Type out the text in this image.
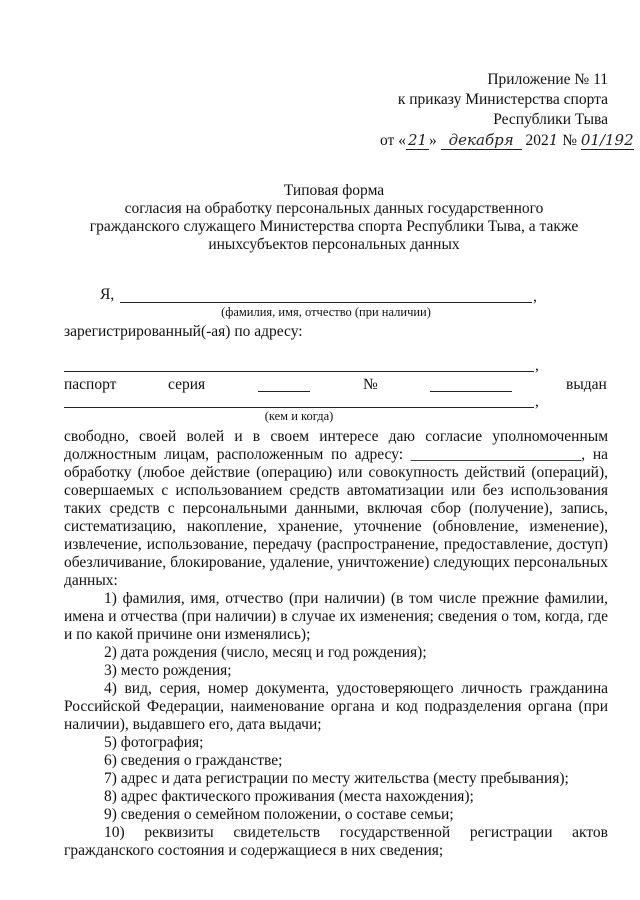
Приложение № 11
к приказу Министерства спорта
Республики Тыва
от « 21 » декабря 2021 № 01/192
Типовая форма
согласия на обработку персональных данных государственного
гражданского служащего Министерства спорта Республики Тыва, а также
иныхсубъектов персональных данных
Я,	,
(фамилия, имя, отчество (при наличии)
зарегистрированный(-ая) по адресу:
,
паспорт	серия	№	выдан
,
(кем и когда)

свободно, своей волей и в своем интересе даю согласие уполномоченным должностным лицам, расположенным по адресу: ______________________, на обработку (любое действие (операцию) или совокупность действий (операций), совершаемых с использованием средств автоматизации или без использования таких средств с персональными данными, включая сбор (получение), запись, систематизацию, накопление, хранение, уточнение (обновление, изменение), извлечение, использование, передачу (распространение, предоставление, доступ) обезличивание, блокирование, удаление, уничтожение) следующих персональных данных:

1) фамилия, имя, отчество (при наличии) (в том числе прежние фамилии, имена и отчества (при наличии) в случае их изменения; сведения о том, когда, где и по какой причине они изменялись);

2) дата рождения (число, месяц и год рождения);

3) место рождения;

4) вид, серия, номер документа, удостоверяющего личность гражданина Российской Федерации, наименование органа и код подразделения органа (при наличии), выдавшего его, дата выдачи;

5) фотография;

6) сведения о гражданстве;

7) адрес и дата регистрации по месту жительства (месту пребывания);

8) адрес фактического проживания (места нахождения);

9) сведения о семейном положении, о составе семьи;

10) реквизиты свидетельств государственной регистрации актов гражданского состояния и содержащиеся в них сведения;
